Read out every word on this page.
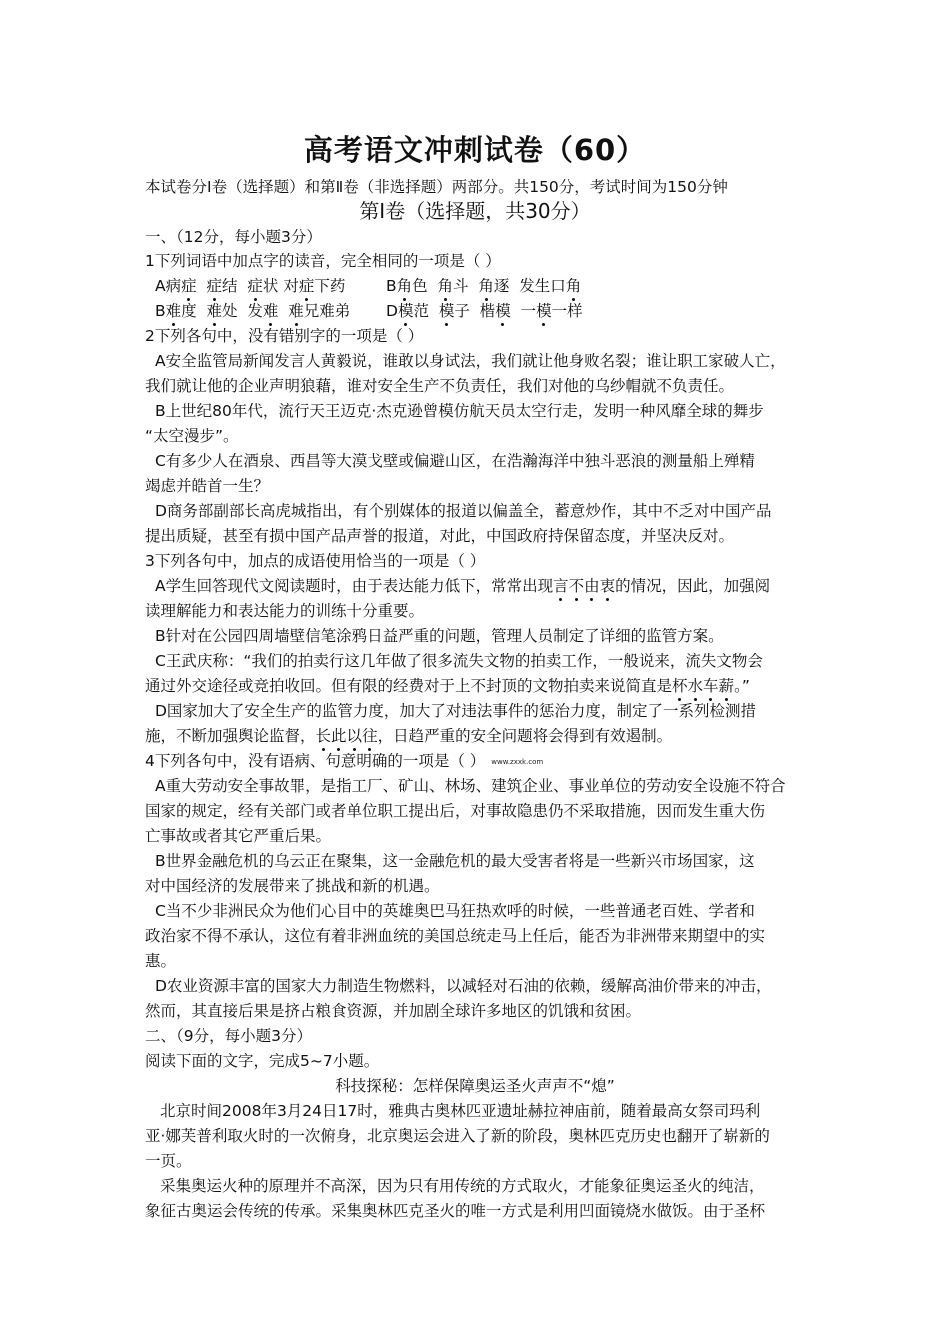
高考语文冲刺试卷（60）
本试卷分Ⅰ卷（选择题）和第Ⅱ卷（非选择题）两部分。共150分，考试时间为150分钟
第Ⅰ卷（选择题，共30分）
一、（12分，每小题3分）
1下列词语中加点字的读音，完全相同的一项是（ ）
A病症 症结  症状 对症下药	B角色  角斗  角逐  发生口角
B难度  难处  发难 难兄难弟 D模范  模子  楷模  一模一样
2下列各句中，没有错别字的一项是（ ）
A安全监管局新闻发言人黄毅说，谁敢以身试法，我们就让他身败名裂；谁让职工家破人亡，
我们就让他的企业声明狼藉，谁对安全生产不负责任，我们对他的乌纱帽就不负责任。
B上世纪80年代，流行天王迈克·杰克逊曾模仿航天员太空行走，发明一种风靡全球的舞步
“太空漫步”。
C有多少人在酒泉、西昌等大漠戈壁或偏避山区，在浩瀚海洋中独斗恶浪的测量船上殚精
竭虑并皓首一生？
D商务部副部长高虎城指出，有个别媒体的报道以偏盖全，蓄意炒作，其中不乏对中国产品
提出质疑，甚至有损中国产品声誉的报道，对此，中国政府持保留态度，并坚决反对。
3下列各句中，加点的成语使用恰当的一项是（ ）
A学生回答现代文阅读题时，由于表达能力低下，常常出现言不由衷的情况，因此，加强阅
读理解能力和表达能力的训练十分重要。
B针对在公园四周墙壁信笔涂鸦日益严重的问题，管理人员制定了详细的监管方案。
C王武庆称：“我们的拍卖行这几年做了很多流失文物的拍卖工作，一般说来，流失文物会
通过外交途径或竞拍收回。但有限的经费对于上不封顶的文物拍卖来说简直是杯水车薪。”
D国家加大了安全生产的监管力度，加大了对违法事件的惩治力度，制定了一系列检测措
施，不断加强舆论监督，长此以往，日趋严重的安全问题将会得到有效遏制。
4下列各句中，没有语病、句意明确的一项是（ ） www.zxxk.com
A重大劳动安全事故罪，是指工厂、矿山、林场、建筑企业、事业单位的劳动安全设施不符合
国家的规定，经有关部门或者单位职工提出后，对事故隐患仍不采取措施，因而发生重大伤
亡事故或者其它严重后果。
B世界金融危机的乌云正在聚集，这一金融危机的最大受害者将是一些新兴市场国家，这
对中国经济的发展带来了挑战和新的机遇。
C当不少非洲民众为他们心目中的英雄奥巴马狂热欢呼的时候，一些普通老百姓、学者和
政治家不得不承认，这位有着非洲血统的美国总统走马上任后，能否为非洲带来期望中的实
惠。
D农业资源丰富的国家大力制造生物燃料，以减轻对石油的依赖，缓解高油价带来的冲击，
然而，其直接后果是挤占粮食资源，并加剧全球许多地区的饥饿和贫困。
二、（9分，每小题3分）
阅读下面的文字，完成5~7小题。
科技探秘：怎样保障奥运圣火声声不“熄”
北京时间2008年3月24日17时，雅典古奥林匹亚遗址赫拉神庙前，随着最高女祭司玛利
亚·娜芙普利取火时的一次俯身，北京奥运会进入了新的阶段，奥林匹克历史也翻开了崭新的
一页。
采集奥运火种的原理并不高深，因为只有用传统的方式取火，才能象征奥运圣火的纯洁，
象征古奥运会传统的传承。采集奥林匹克圣火的唯一方式是利用凹面镜烧水做饭。由于圣杯
